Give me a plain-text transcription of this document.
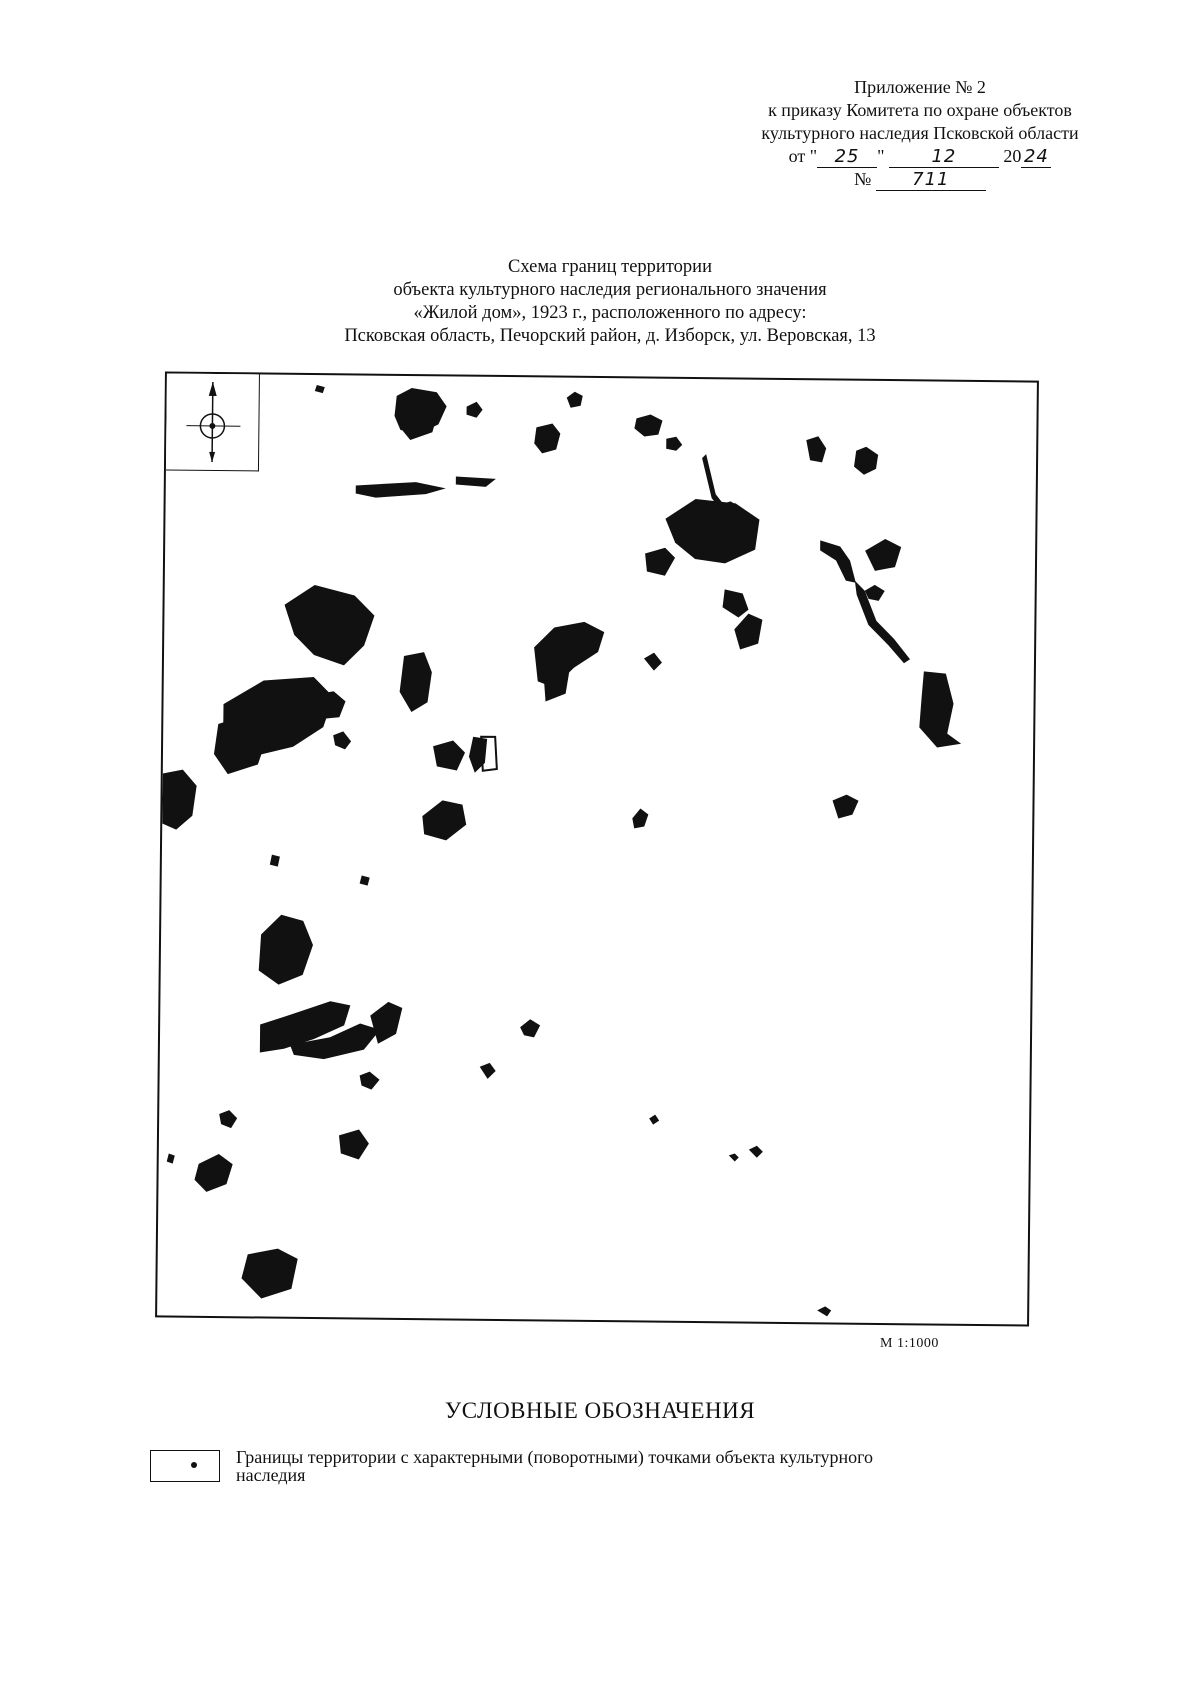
Приложение № 2
к приказу Комитета по охране объектов
культурного наследия Псковской области
от " 25 "	12	20 24
№ 711
Схема границ территории
объекта культурного наследия регионального значения
«Жилой дом», 1923 г., расположенного по адресу:
Псковская область, Печорский район, д. Изборск, ул. Веровская, 13
М 1:1000
УСЛОВНЫЕ ОБОЗНАЧЕНИЯ
Границы территории с характерными (поворотными) точками объекта культурного
наследия
